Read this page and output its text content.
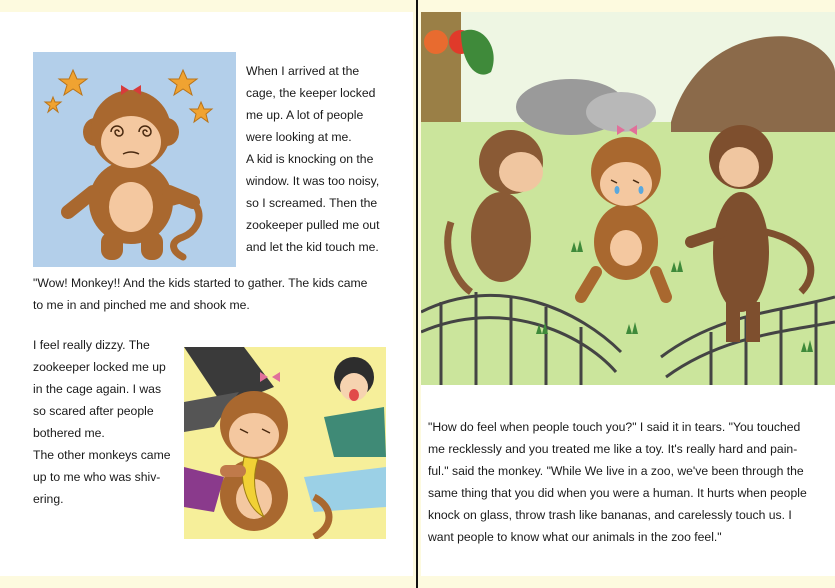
When I arrived at the
cage, the keeper locked
me up. A lot of people
were looking at me.
A kid is knocking on the
window. It was too noisy,
so I screamed. Then the
zookeeper pulled me out
and let the kid touch me.

"Wow! Monkey!! And the kids started to gather. The kids came
to me in and pinched me and shook me.

I feel really dizzy. The
zookeeper locked me up
in the cage again. I was
so scared after people
bothered me.
The other monkeys came
up to me who was shiv-
ering.

"How do feel when people touch you?" I said it in tears. "You touched
me recklessly and you treated me like a toy. It's really hard and pain-
ful." said the monkey. "While We live in a zoo, we've been through the
same thing that you did when you were a human. It hurts when people
knock on glass, throw trash like bananas, and carelessly touch us. I
want people to know what our animals in the zoo feel."
